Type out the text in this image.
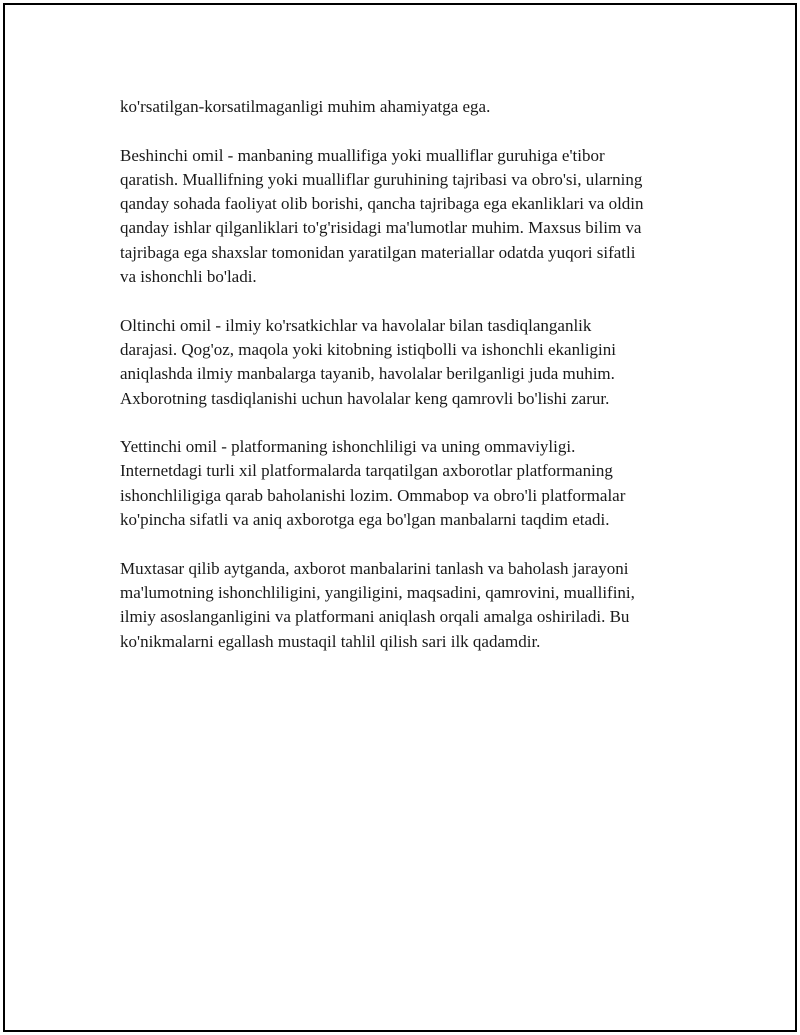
ko'rsatilgan-korsatilmaganligi muhim ahamiyatga ega.

Beshinchi omil - manbaning muallifiga yoki mualliflar guruhiga e'tibor
qaratish. Muallifning yoki mualliflar guruhining tajribasi va obro'si, ularning
qanday sohada faoliyat olib borishi, qancha tajribaga ega ekanliklari va oldin
qanday ishlar qilganliklari to'g'risidagi ma'lumotlar muhim. Maxsus bilim va
tajribaga ega shaxslar tomonidan yaratilgan materiallar odatda yuqori sifatli
va ishonchli bo'ladi.

Oltinchi omil - ilmiy ko'rsatkichlar va havolalar bilan tasdiqlanganlik
darajasi. Qog'oz, maqola yoki kitobning istiqbolli va ishonchli ekanligini
aniqlashda ilmiy manbalarga tayanib, havolalar berilganligi juda muhim.
Axborotning tasdiqlanishi uchun havolalar keng qamrovli bo'lishi zarur.

Yettinchi omil - platformaning ishonchliligi va uning ommaviyligi.
Internetdagi turli xil platformalarda tarqatilgan axborotlar platformaning
ishonchliligiga qarab baholanishi lozim. Ommabop va obro'li platformalar
ko'pincha sifatli va aniq axborotga ega bo'lgan manbalarni taqdim etadi.

Muxtasar qilib aytganda, axborot manbalarini tanlash va baholash jarayoni
ma'lumotning ishonchliligini, yangiligini, maqsadini, qamrovini, muallifini,
ilmiy asoslanganligini va platformani aniqlash orqali amalga oshiriladi. Bu
ko'nikmalarni egallash mustaqil tahlil qilish sari ilk qadamdir.
